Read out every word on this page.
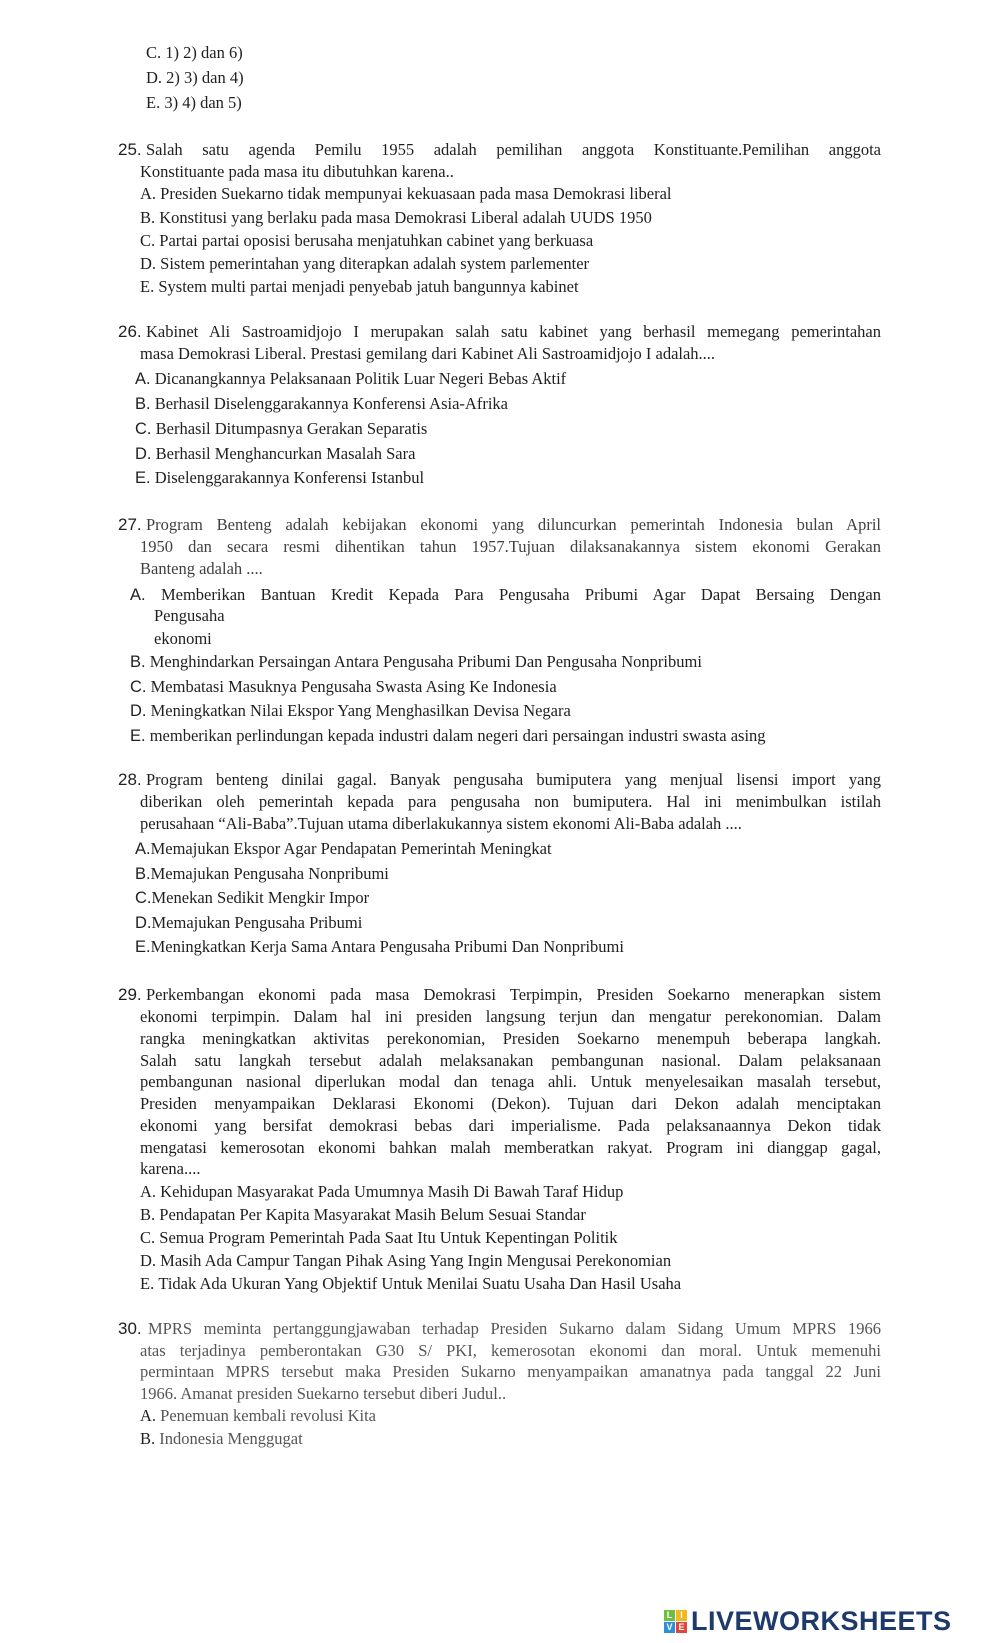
C. 1) 2) dan 6)
D. 2) 3) dan 4)
E. 3) 4) dan 5)
25. Salah satu agenda Pemilu 1955 adalah pemilihan anggota Konstituante.Pemilihan anggota
Konstituante pada masa itu dibutuhkan karena..
A. Presiden Suekarno tidak mempunyai kekuasaan pada masa Demokrasi liberal
B. Konstitusi yang berlaku pada masa Demokrasi Liberal adalah UUDS 1950
C. Partai partai oposisi berusaha menjatuhkan cabinet yang berkuasa
D. Sistem pemerintahan yang diterapkan adalah system parlementer
E. System multi partai menjadi penyebab jatuh bangunnya kabinet
26. Kabinet Ali Sastroamidjojo I merupakan salah satu kabinet yang berhasil memegang pemerintahan
masa Demokrasi Liberal. Prestasi gemilang dari Kabinet Ali Sastroamidjojo I adalah....
A. Dicanangkannya Pelaksanaan Politik Luar Negeri Bebas Aktif
B. Berhasil Diselenggarakannya Konferensi Asia-Afrika
C. Berhasil Ditumpasnya Gerakan Separatis
D. Berhasil Menghancurkan Masalah Sara
E. Diselenggarakannya Konferensi Istanbul
27. Program Benteng adalah kebijakan ekonomi yang diluncurkan pemerintah Indonesia bulan April
1950 dan secara resmi dihentikan tahun 1957.Tujuan dilaksanakannya sistem ekonomi Gerakan
Banteng adalah ....
A. Memberikan Bantuan Kredit Kepada Para Pengusaha Pribumi Agar Dapat Bersaing Dengan
Pengusaha
ekonomi
B. Menghindarkan Persaingan Antara Pengusaha Pribumi Dan Pengusaha Nonpribumi
C. Membatasi Masuknya Pengusaha Swasta Asing Ke Indonesia
D. Meningkatkan Nilai Ekspor Yang Menghasilkan Devisa Negara
E. memberikan perlindungan kepada industri dalam negeri dari persaingan industri swasta asing
28. Program benteng dinilai gagal. Banyak pengusaha bumiputera yang menjual lisensi import yang
diberikan oleh pemerintah kepada para pengusaha non bumiputera. Hal ini menimbulkan istilah
perusahaan “Ali-Baba”.Tujuan utama diberlakukannya sistem ekonomi Ali-Baba adalah ....
A.Memajukan Ekspor Agar Pendapatan Pemerintah Meningkat
B.Memajukan Pengusaha Nonpribumi
C.Menekan Sedikit Mengkir Impor
D.Memajukan Pengusaha Pribumi
E.Meningkatkan Kerja Sama Antara Pengusaha Pribumi Dan Nonpribumi
29. Perkembangan ekonomi pada masa Demokrasi Terpimpin, Presiden Soekarno menerapkan sistem
ekonomi terpimpin. Dalam hal ini presiden langsung terjun dan mengatur perekonomian. Dalam
rangka meningkatkan aktivitas perekonomian, Presiden Soekarno menempuh beberapa langkah.
Salah satu langkah tersebut adalah melaksanakan pembangunan nasional. Dalam pelaksanaan
pembangunan nasional diperlukan modal dan tenaga ahli. Untuk menyelesaikan masalah tersebut,
Presiden menyampaikan Deklarasi Ekonomi (Dekon). Tujuan dari Dekon adalah menciptakan
ekonomi yang bersifat demokrasi bebas dari imperialisme. Pada pelaksanaannya Dekon tidak
mengatasi kemerosotan ekonomi bahkan malah memberatkan rakyat. Program ini dianggap gagal,
karena....
A. Kehidupan Masyarakat Pada Umumnya Masih Di Bawah Taraf Hidup
B. Pendapatan Per Kapita Masyarakat Masih Belum Sesuai Standar
C. Semua Program Pemerintah Pada Saat Itu Untuk Kepentingan Politik
D. Masih Ada Campur Tangan Pihak Asing Yang Ingin Mengusai Perekonomian
E. Tidak Ada Ukuran Yang Objektif Untuk Menilai Suatu Usaha Dan Hasil Usaha
30. MPRS meminta pertanggungjawaban terhadap Presiden Sukarno dalam Sidang Umum MPRS 1966
atas terjadinya pemberontakan G30 S/ PKI, kemerosotan ekonomi dan moral. Untuk memenuhi
permintaan MPRS tersebut maka Presiden Sukarno menyampaikan amanatnya pada tanggal 22 Juni
1966. Amanat presiden Suekarno tersebut diberi Judul..
A. Penemuan kembali revolusi Kita
B. Indonesia Menggugat
L I
V E LIVEWORKSHEETS
